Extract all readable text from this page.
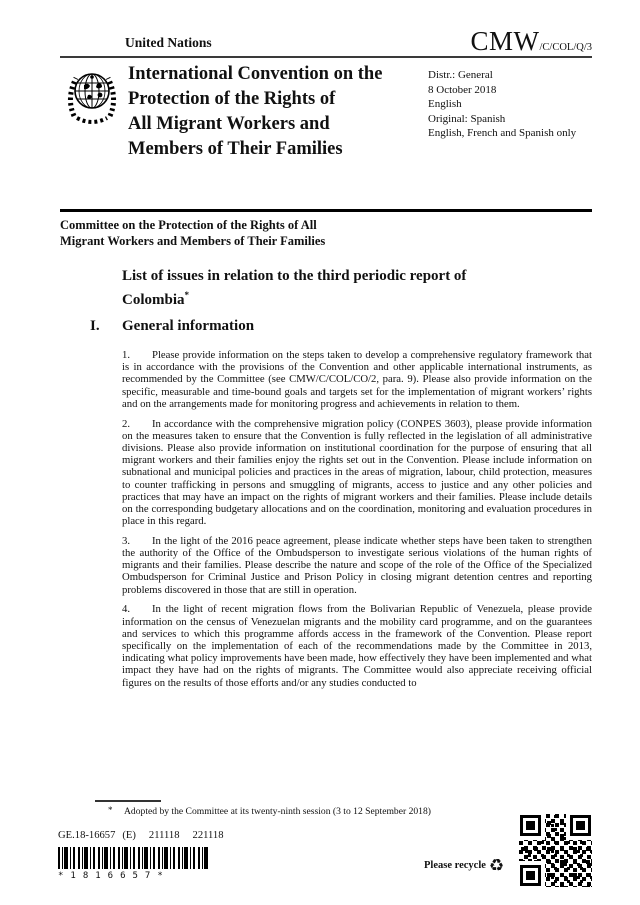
United Nations	CMW/C/COL/Q/3
International Convention on the
Protection of the Rights of
All Migrant Workers and
Members of Their Families
Distr.: General
8 October 2018
English
Original: Spanish
English, French and Spanish only
Committee on the Protection of the Rights of All
Migrant Workers and Members of Their Families
List of issues in relation to the third periodic report of
Colombia*
I. General information

1. Please provide information on the steps taken to develop a comprehensive regulatory framework that is in accordance with the provisions of the Convention and other applicable international instruments, as recommended by the Committee (see CMW/C/COL/CO/2, para. 9). Please also provide information on the specific, measurable and time-bound goals and targets set for the implementation of migrant workers’ rights and on the arrangements made for monitoring progress and achievements in relation to them.

2. In accordance with the comprehensive migration policy (CONPES 3603), please provide information on the measures taken to ensure that the Convention is fully reflected in the legislation of all administrative divisions. Please also provide information on institutional coordination for the purpose of ensuring that all migrant workers and their families enjoy the rights set out in the Convention. Please include information on subnational and municipal policies and practices in the areas of migration, labour, child protection, measures to counter trafficking in persons and smuggling of migrants, access to justice and any other policies and practices that may have an impact on the rights of migrant workers and their families. Please include details on the corresponding budgetary allocations and on the coordination, monitoring and evaluation procedures in place in this regard.

3. In the light of the 2016 peace agreement, please indicate whether steps have been taken to strengthen the authority of the Office of the Ombudsperson to investigate serious violations of the human rights of migrants and their families. Please describe the nature and scope of the role of the Office of the Specialized Ombudsperson for Criminal Justice and Prison Policy in closing migrant detention centres and reporting problems discovered in those that are still in operation.

4. In the light of recent migration flows from the Bolivarian Republic of Venezuela, please provide information on the census of Venezuelan migrants and the mobility card programme, and on the guarantees and services to which this programme affords access in the framework of the Convention. Please report specifically on the implementation of each of the recommendations made by the Committee in 2013, indicating what policy improvements have been made, how effectively they have been implemented and what impact they have had on the rights of migrants. The Committee would also appreciate receiving official figures on the results of those efforts and/or any studies conducted to

* Adopted by the Committee at its twenty-ninth session (3 to 12 September 2018)
GE.18-16657 (E) 211118 221118
*1816657*
Please recycle ♻
